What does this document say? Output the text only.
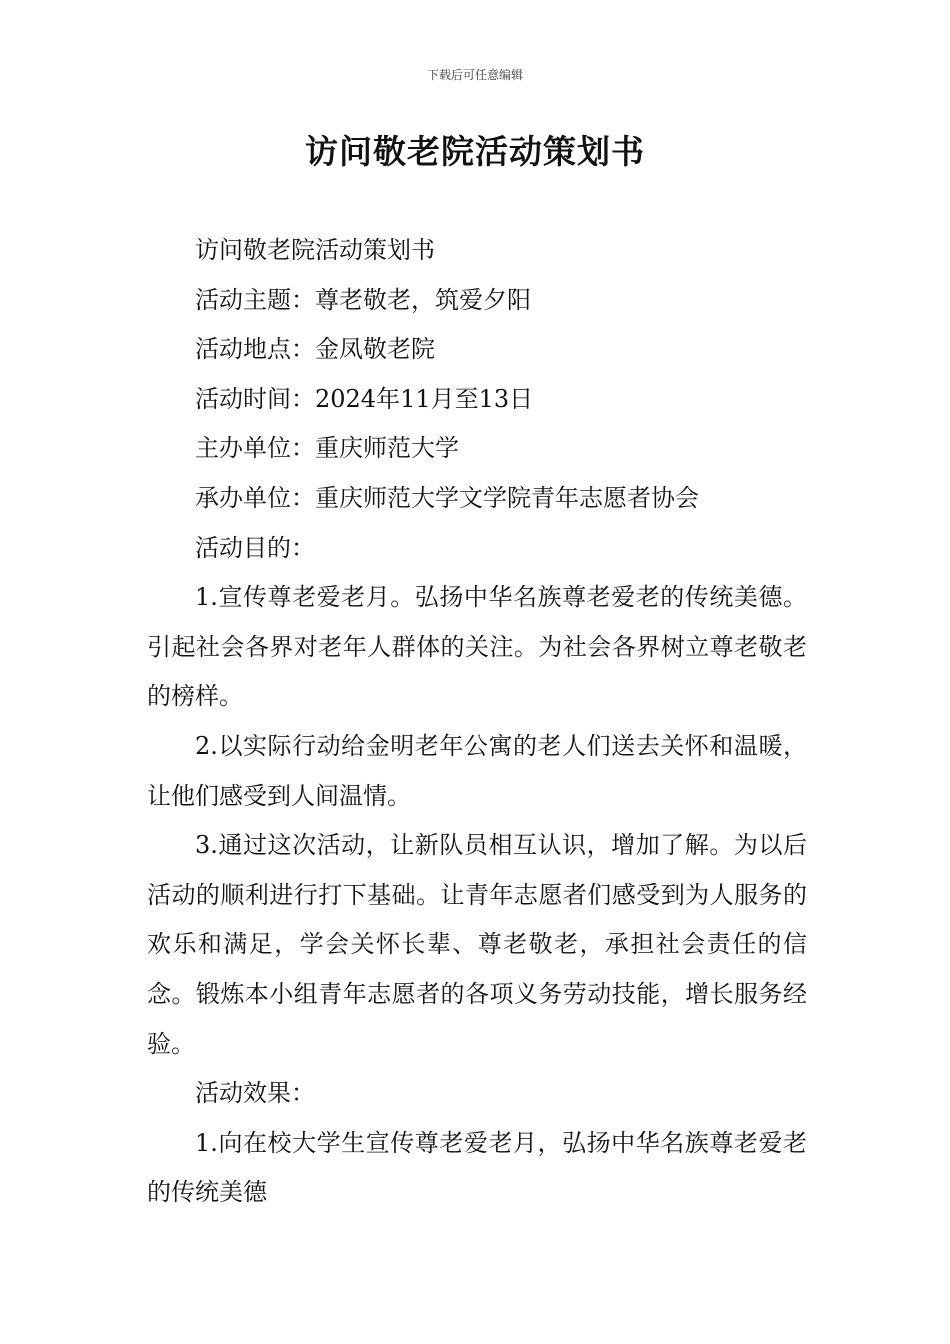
下载后可任意编辑
访问敬老院活动策划书

访问敬老院活动策划书

活动主题：尊老敬老，筑爱夕阳

活动地点：金凤敬老院

活动时间：2024年11月至13日

主办单位：重庆师范大学

承办单位：重庆师范大学文学院青年志愿者协会

活动目的：

1.宣传尊老爱老月。弘扬中华名族尊老爱老的传统美德。引起社会各界对老年人群体的关注。为社会各界树立尊老敬老的榜样。

2.以实际行动给金明老年公寓的老人们送去关怀和温暖，让他们感受到人间温情。

3.通过这次活动，让新队员相互认识，增加了解。为以后活动的顺利进行打下基础。让青年志愿者们感受到为人服务的欢乐和满足，学会关怀长辈、尊老敬老，承担社会责任的信念。锻炼本小组青年志愿者的各项义务劳动技能，增长服务经验。

活动效果：

1.向在校大学生宣传尊老爱老月，弘扬中华名族尊老爱老的传统美德
